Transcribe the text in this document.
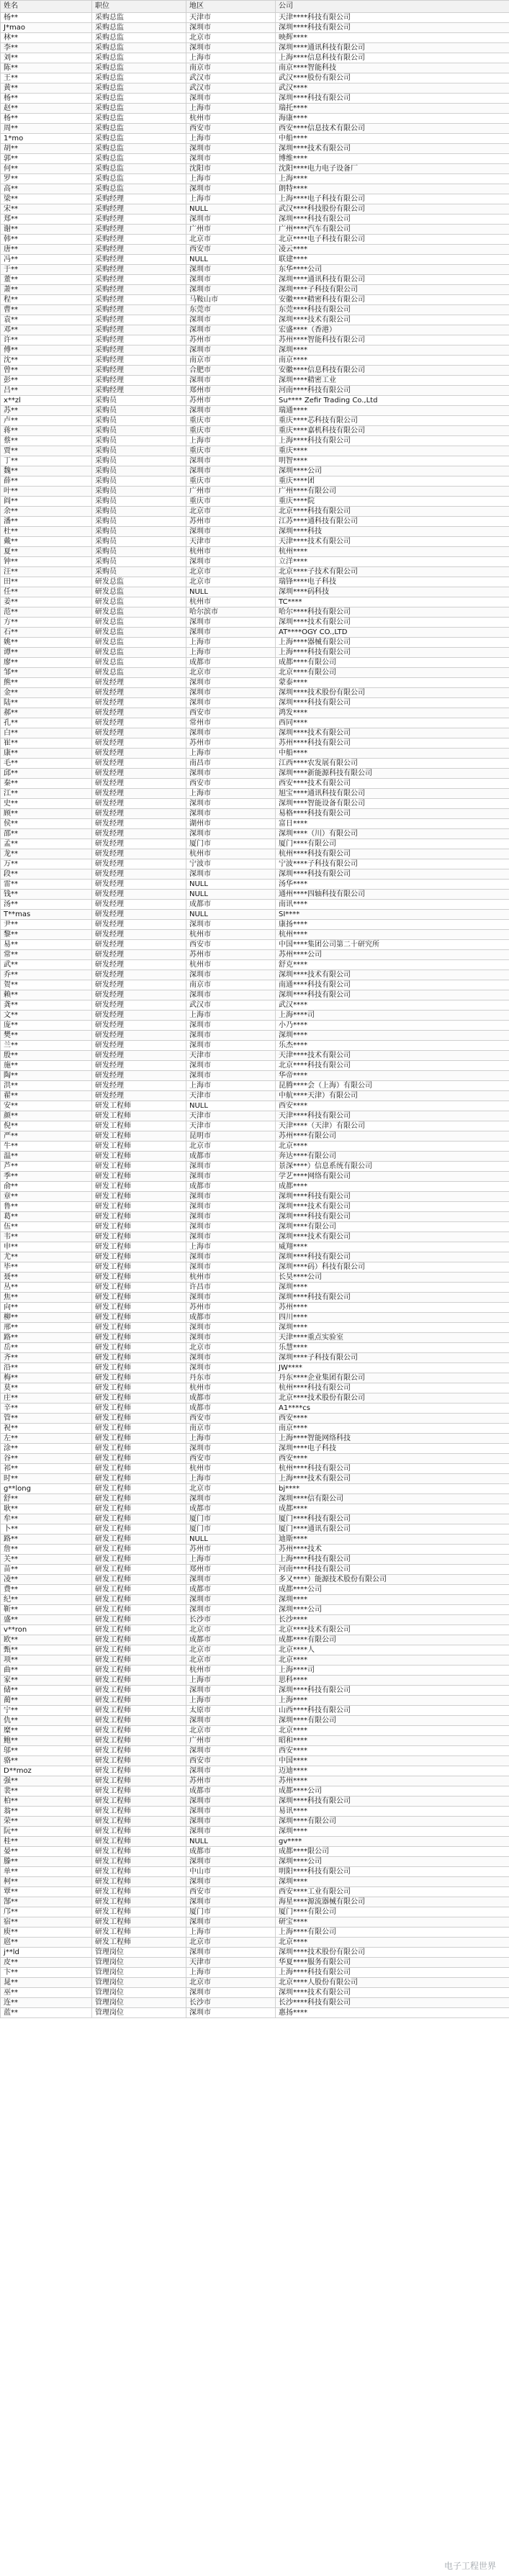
姓名	职位	地区	公司
杨**	采购总监	天津市	天津****科技有限公司
J*mao	采购总监	深圳市	深圳****科技有限公司
林**	采购总监	北京市	映辉****
李**	采购总监	深圳市	深圳****通讯科技有限公司
刘**	采购总监	上海市	上海****信息科技有限公司
陈**	采购总监	南京市	南京****智能科技
王**	采购总监	武汉市	武汉****股份有限公司
黄**	采购总监	武汉市	武汉****
杨**	采购总监	深圳市	深圳****科技有限公司
赵**	采购总监	上海市	瑞托****
杨**	采购总监	杭州市	海康****
周**	采购总监	西安市	西安****信息技术有限公司
1*mo	采购总监	上海市	中船****
胡**	采购总监	深圳市	深圳****技术有限公司
郭**	采购总监	深圳市	博维****
何**	采购总监	沈阳市	沈阳****电力电子设备厂
罗**	采购总监	上海市	上海****
高**	采购总监	深圳市	朗特****
梁**	采购经理	上海市	上海****电子科技有限公司
宋**	采购经理	NULL	武汉****科技股份有限公司
郑**	采购经理	深圳市	深圳****科技有限公司
谢**	采购经理	广州市	广州****汽车有限公司
韩**	采购经理	北京市	北京****电子科技有限公司
唐**	采购经理	西安市	凌云****
冯**	采购经理	NULL	联建****
于**	采购经理	深圳市	东华****公司
董**	采购经理	深圳市	深圳****通讯科技有限公司
萧**	采购经理	深圳市	深圳****子科技有限公司
程**	采购经理	马鞍山市	安徽****精密科技有限公司
曹**	采购经理	东莞市	东莞****科技有限公司
袁**	采购经理	深圳市	深圳****技术有限公司
邓**	采购经理	深圳市	宏盛****（香港）
许**	采购经理	苏州市	苏州****智能科技有限公司
傅**	采购经理	深圳市	深圳****
沈**	采购经理	南京市	南京****
曾**	采购经理	合肥市	安徽****信息科技有限公司
彭**	采购经理	深圳市	深圳****精密工业
吕**	采购经理	郑州市	河南****科技有限公司
x**zl	采购员	苏州市	Su**** Zefir Trading Co.,Ltd
苏**	采购员	深圳市	瑞通****
卢**	采购员	重庆市	重庆****芯科技有限公司
蒋**	采购员	重庆市	重庆****嘉机科技有限公司
蔡**	采购员	上海市	上海****科技有限公司
贾**	采购员	重庆市	重庆****
丁**	采购员	深圳市	明智****
魏**	采购员	深圳市	深圳****公司
薛**	采购员	重庆市	重庆****团
叶**	采购员	广州市	广州****有限公司
阎**	采购员	重庆市	重庆****院
余**	采购员	北京市	北京****科技有限公司
潘**	采购员	苏州市	江苏****通科技有限公司
杜**	采购员	深圳市	深圳****科技
戴**	采购员	天津市	天津****技术有限公司
夏**	采购员	杭州市	杭州****
钟**	采购员	深圳市	立洋****
汪**	采购员	北京市	北京****子技术有限公司
田**	研发总监	北京市	瑞锋****电子科技
任**	研发总监	NULL	深圳****码科技
姜**	研发总监	杭州市	TC****
范**	研发总监	哈尔滨市	哈尔****科技有限公司
方**	研发总监	深圳市	深圳****技术有限公司
石**	研发总监	深圳市	AT****OGY CO.,LTD
姚**	研发总监	上海市	上海****器械有限公司
谭**	研发总监	上海市	上海****科技有限公司
廖**	研发总监	成都市	成都****有限公司
邹**	研发总监	北京市	北京****有限公司
熊**	研发经理	深圳市	蒙泰****
金**	研发经理	深圳市	深圳****技术股份有限公司
陆**	研发经理	深圳市	深圳****科技有限公司
郝**	研发经理	西安市	鸿发****
孔**	研发经理	常州市	西同****
白**	研发经理	深圳市	深圳****技术有限公司
崔**	研发经理	苏州市	苏州****科技有限公司
康**	研发经理	上海市	中船****
毛**	研发经理	南昌市	江西****农发展有限公司
邱**	研发经理	深圳市	深圳****新能源科技有限公司
秦**	研发经理	西安市	西安****技术有限公司
江**	研发经理	上海市	旭宝****通讯科技有限公司
史**	研发经理	深圳市	深圳****智能设备有限公司
顾**	研发经理	深圳市	易格****科技有限公司
侯**	研发经理	湖州市	富日****
邵**	研发经理	深圳市	深圳****（川）有限公司
孟**	研发经理	厦门市	厦门****有限公司
龙**	研发经理	杭州市	杭州****科技有限公司
万**	研发经理	宁波市	宁波****子科技有限公司
段**	研发经理	深圳市	深圳****科技有限公司
雷**	研发经理	NULL	汤华****
钱**	研发经理	NULL	通州****四轴科技有限公司
汤**	研发经理	成都市	南讯****
T**mas	研发经理	NULL	SI****
尹**	研发经理	深圳市	康扬****
黎**	研发经理	杭州市	杭州****
易**	研发经理	西安市	中国****集团公司第二十研究所
常**	研发经理	苏州市	苏州****公司
武**	研发经理	杭州市	舒克****
乔**	研发经理	深圳市	深圳****技术有限公司
贺**	研发经理	南京市	南通****科技有限公司
赖**	研发经理	深圳市	深圳****科技有限公司
龚**	研发经理	武汉市	武汉****
文**	研发经理	上海市	上海****司
庞**	研发经理	深圳市	小乃****
樊**	研发经理	深圳市	深圳****
兰**	研发经理	深圳市	乐杰****
殷**	研发经理	天津市	天津****技术有限公司
施**	研发经理	深圳市	北京****科技有限公司
陶**	研发经理	深圳市	华帝****
洪**	研发经理	上海市	昆腾****会（上海）有限公司
翟**	研发经理	天津市	中航****天津）有限公司
安**	研发工程师	NULL	西安****
颜**	研发工程师	天津市	天津****科技有限公司
倪**	研发工程师	天津市	天津****（天津）有限公司
严**	研发工程师	昆明市	苏州****有限公司
牛**	研发工程师	北京市	北京****
温**	研发工程师	成都市	奔达****有限公司
芦**	研发工程师	深圳市	景深****）信息系统有限公司
季**	研发工程师	深圳市	学艺****网络有限公司
俞**	研发工程师	成都市	成都****
章**	研发工程师	深圳市	深圳****科技有限公司
鲁**	研发工程师	深圳市	深圳****技术有限公司
葛**	研发工程师	深圳市	深圳****科技有限公司
伍**	研发工程师	深圳市	深圳****有限公司
韦**	研发工程师	深圳市	深圳****技术有限公司
申**	研发工程师	上海市	威翔****
尤**	研发工程师	深圳市	深圳****科技有限公司
毕**	研发工程师	深圳市	深圳****码）科技有限公司
聂**	研发工程师	杭州市	长昊****公司
丛**	研发工程师	许昌市	深圳****
焦**	研发工程师	深圳市	深圳****科技有限公司
向**	研发工程师	苏州市	苏州****
柳**	研发工程师	成都市	四川****
邢**	研发工程师	深圳市	深圳****
路**	研发工程师	深圳市	天津****重点实验室
岳**	研发工程师	北京市	乐慧****
齐**	研发工程师	深圳市	深圳****子科技有限公司
沿**	研发工程师	深圳市	JW****
梅**	研发工程师	丹东市	丹东****企业集团有限公司
莫**	研发工程师	杭州市	杭州****科技有限公司
庄**	研发工程师	成都市	北京****技术股份有限公司
辛**	研发工程师	成都市	A1****cs
管**	研发工程师	西安市	西安****
祝**	研发工程师	南京市	南京****
左**	研发工程师	上海市	上海****智能网络科技
涂**	研发工程师	深圳市	深圳****电子科技
谷**	研发工程师	西安市	西安****
祁**	研发工程师	杭州市	杭州****科技有限公司
时**	研发工程师	上海市	上海****技术有限公司
g**long	研发工程师	北京市	bj****
舒**	研发工程师	深圳市	深圳****信有限公司
耿**	研发工程师	成都市	成都****
牟**	研发工程师	厦门市	厦门****科技有限公司
卜**	研发工程师	厦门市	厦门****通讯有限公司
路**	研发工程师	NULL	迪斯****
詹**	研发工程师	苏州市	苏州****技术
关**	研发工程师	上海市	上海****科技有限公司
苗**	研发工程师	郑州市	河南****科技有限公司
凌**	研发工程师	深圳市	多又****）能源技术股份有限公司
费**	研发工程师	成都市	成都****公司
纪**	研发工程师	深圳市	深圳****
靳**	研发工程师	深圳市	深圳****公司
盛**	研发工程师	长沙市	长沙****
v**ron	研发工程师	北京市	北京****技术有限公司
欧**	研发工程师	成都市	成都****有限公司
甄**	研发工程师	北京市	北京****人
项**	研发工程师	北京市	北京****
曲**	研发工程师	杭州市	上海****司
家**	研发工程师	上海市	思科****
储**	研发工程师	深圳市	深圳****科技有限公司
蔺**	研发工程师	上海市	上海****
宁**	研发工程师	太原市	山西****科技有限公司
仇**	研发工程师	深圳市	深圳****有限公司
糜**	研发工程师	北京市	北京****
鲍**	研发工程师	广州市	昭和****
邬**	研发工程师	深圳市	西安****
骆**	研发工程师	西安市	中国****
D**moz	研发工程师	深圳市	迈迪****
强**	研发工程师	苏州市	苏州****
裴**	研发工程师	成都市	成都****公司
柏**	研发工程师	深圳市	深圳****科技有限公司
翁**	研发工程师	深圳市	易讯****
荣**	研发工程师	深圳市	深圳****有限公司
阮**	研发工程师	深圳市	深圳****
桂**	研发工程师	NULL	gv****
晏**	研发工程师	成都市	成都****限公司
滕**	研发工程师	深圳市	深圳****公司
单**	研发工程师	中山市	明阳****科技有限公司
柯**	研发工程师	深圳市	深圳****
覃**	研发工程师	西安市	西安****工业有限公司
郜**	研发工程师	深圳市	海星****源流器械有限公司
邝**	研发工程师	厦门市	厦门****有限公司
宿**	研发工程师	深圳市	研宝****
庾**	研发工程师	上海市	上海****有限公司
扈**	研发工程师	北京市	北京****
j**ld	管理岗位	深圳市	深圳****技术股份有限公司
皮**	管理岗位	天津市	华夏****服务有限公司
卞**	管理岗位	上海市	上海****科技有限公司
晁**	管理岗位	北京市	北京****人股份有限公司
巫**	管理岗位	深圳市	深圳****技术有限公司
连**	管理岗位	长沙市	长沙****科技有限公司
蓝**	管理岗位	深圳市	惠扬****
电子工程世界
